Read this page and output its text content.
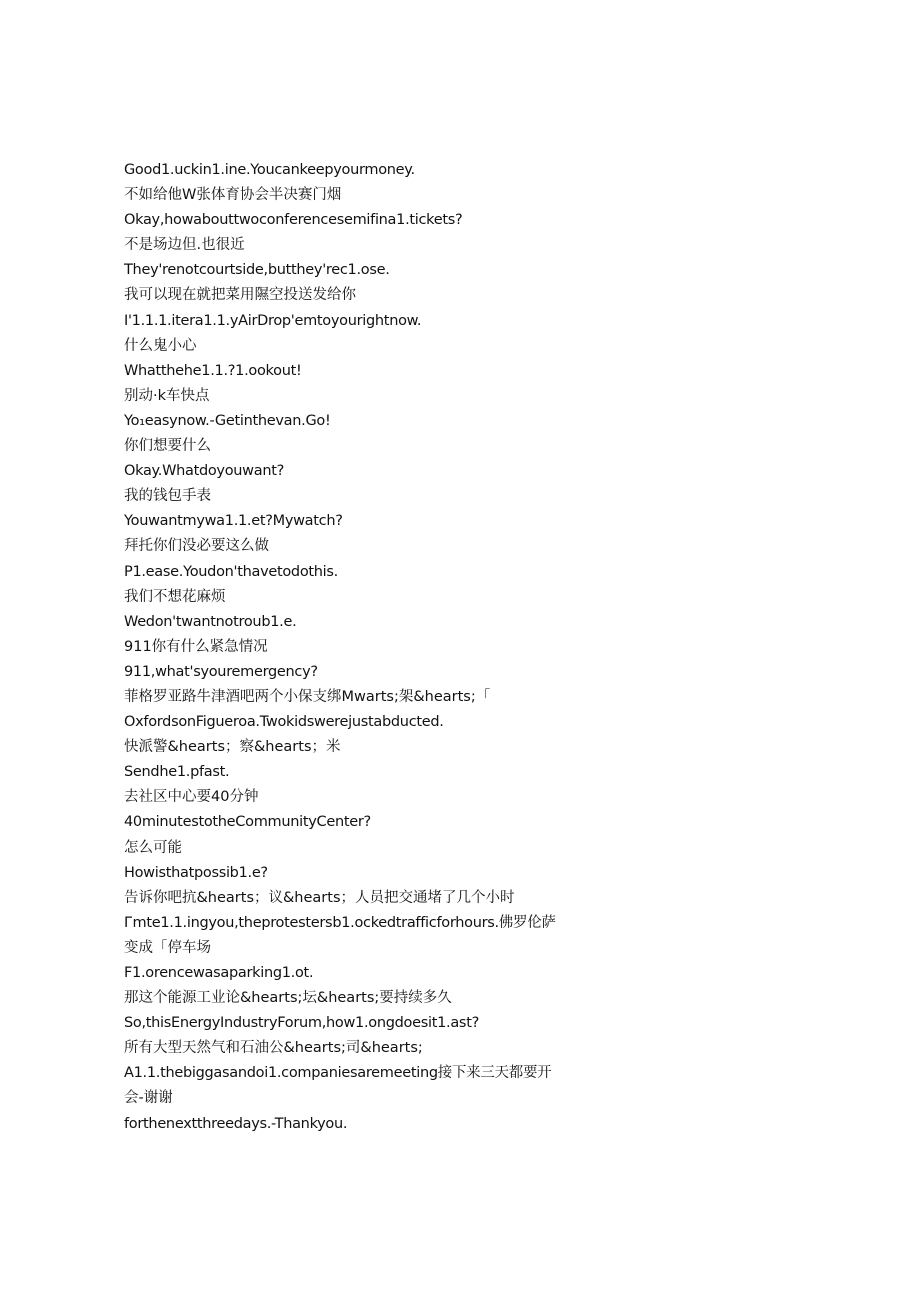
Good1.uckin1.ine.Youcankeepyourmoney.
不如给他W张体育协会半决赛门烟
Okay,howabouttwoconferencesemifina1.tickets?
不是场边但.也很近
They'renotcourtside,butthey'rec1.ose.
我可以现在就把菜用隰空投送发给你
I'1.1.1.itera1.1.yAirDrop'emtoyourightnow.
什么鬼小心
Whatthehe1.1.?1.ookout!
别动·k车快点
Yo₁easynow.-Getinthevan.Go!
你们想要什么
Okay.Whatdoyouwant?
我的钱包手表
Youwantmywa1.1.et?Mywatch?
拜托你们没必要这么做
P1.ease.Youdon'thavetodothis.
我们不想花麻烦
Wedon'twantnotroub1.e.
911你有什么紧急情况
911,what'syouremergency?
菲格罗亚路牛津酒吧两个小保支绑Mwarts;架&hearts;「
OxfordsonFigueroa.Twokidswerejustabducted.
快派警&hearts；察&hearts；米
Sendhe1.pfast.
去社区中心要40分钟
40minutestotheCommunityCenter?
怎么可能
Howisthatpossib1.e?
告诉你吧抗&hearts；议&hearts；人员把交通堵了几个小时
Гmte1.1.ingyou,theprotestersb1.ockedtrafficforhours.佛罗伦萨
变成「停车场
F1.orencewasaparking1.ot.
那这个能源工业论&hearts;坛&hearts;要持续多久
So,thisEnergyIndustryForum,how1.ongdoesit1.ast?
所有大型天然气和石油公&hearts;司&hearts;
A1.1.thebiggasandoi1.companiesaremeeting接下来三天都要开
会-谢谢
forthenextthreedays.-Thankyou.
